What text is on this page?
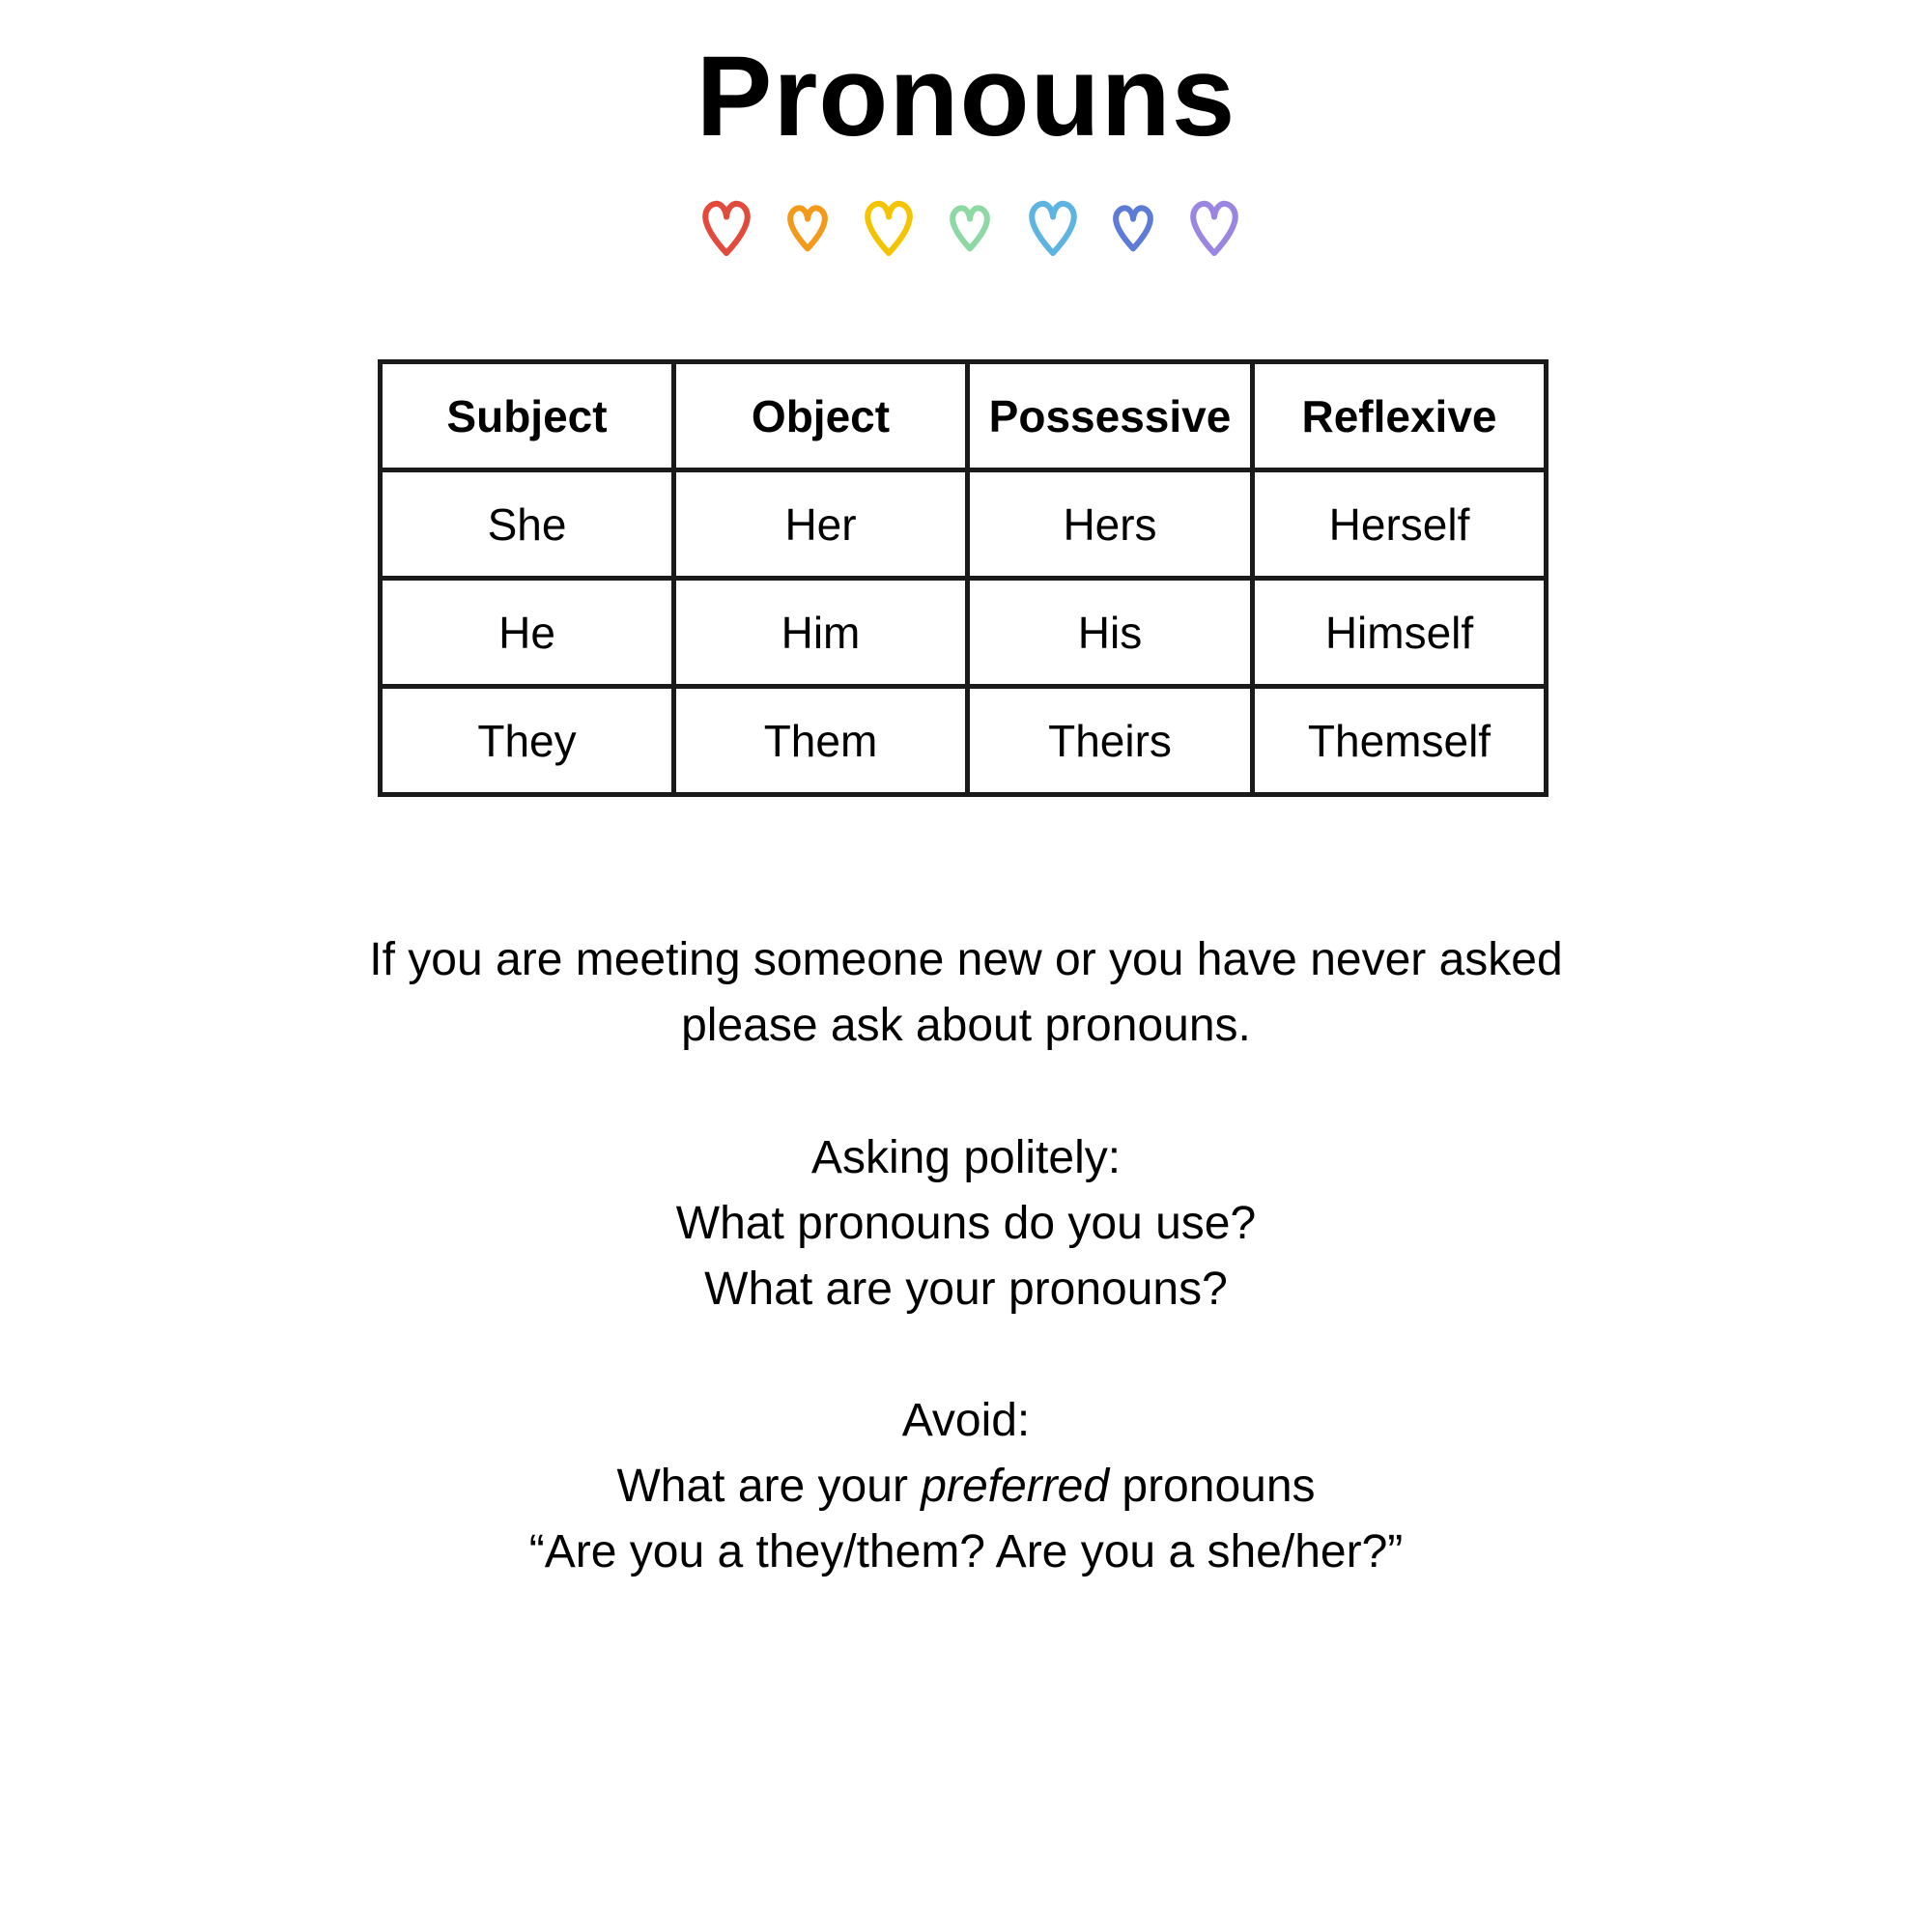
Pronouns
Subject	Object	Possessive	Reflexive
She	Her	Hers	Herself
He	Him	His	Himself
They	Them	Theirs	Themself

If you are meeting someone new or you have never asked

please ask about pronouns.

Asking politely:

What pronouns do you use?

What are your pronouns?

Avoid:

What are your preferred pronouns

“Are you a they/them? Are you a she/her?”
